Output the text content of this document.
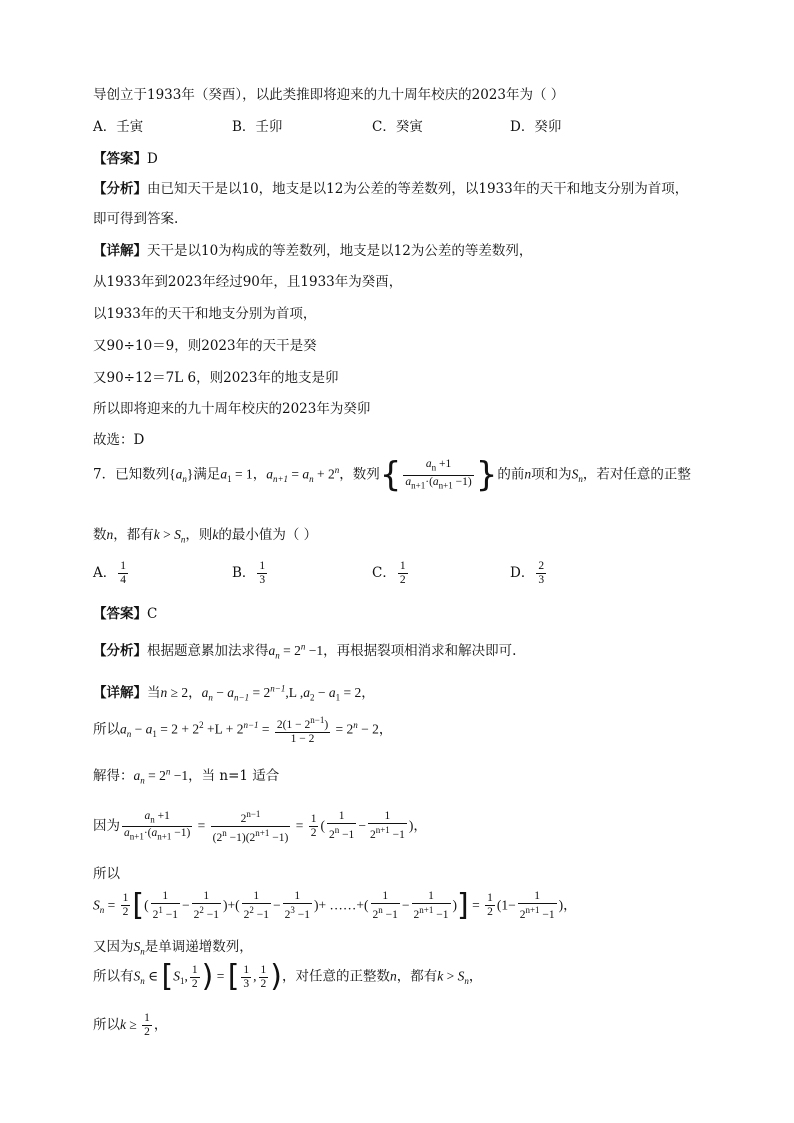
导创立于1933年（癸酉），以此类推即将迎来的九十周年校庆的2023年为（ ）
A．壬寅	B．壬卯	C．癸寅	D．癸卯
【答案】D
【分析】由已知天干是以10，地支是以12为公差的等差数列，以1933年的天干和地支分别为首项，
即可得到答案.
【详解】天干是以10为构成的等差数列，地支是以12为公差的等差数列，
从1933年到2023年经过90年，且1933年为癸酉，
以1933年的天干和地支分别为首项，
又90÷10＝9，则2023年的天干是癸
又90÷12＝7L 6，则2023年的地支是卯
所以即将迎来的九十周年校庆的2023年为癸卯
故选：D
7．已知数列$\{a_n\}$满足$a_1 = 1$，$a_{n+1} = a_n + 2^n$，数列{ $\frac{a_n +1}{a_{n+1}\cdot(a_{n+1} -1)}$ }的前n项和为$S_n$，若对任意的正整
数n，都有$k > S_n$，则k的最小值为（ ）
A． $\frac{1}{4}$	B． $\frac{1}{3}$	C． $\frac{1}{2}$	D． $\frac{2}{3}$
【答案】C
【分析】根据题意累加法求得$a_n = 2^n -1$，再根据裂项相消求和解决即可.
【详解】当n ≥ 2，$a_n - a_{n-1} = 2^{n-1},L$ $,a_2 - a_1 = 2$，
所以$a_n - a_1 = 2 + 2^2 +L + 2^{n-1} = \frac{2(1 - 2^{n-1})}{1 - 2} = 2^n - 2$，
解得：$a_n = 2^n -1$，当 n=1 适合
因为 $\frac{a_n +1}{a_{n+1}\cdot(a_{n+1} -1)} = \frac{2^{n-1}}{(2^n -1)(2^{n+1} -1)} = \frac{1}{2}$ ( $\frac{1}{2^n -1} - \frac{1}{2^{n+1} -1}$ )，
所以
$S_n = \frac{1}{2}$ [( $\frac{1}{2^1 -1} - \frac{1}{2^2 -1}$ )+( $\frac{1}{2^2 -1} - \frac{1}{2^3 -1}$ )+ ……+( $\frac{1}{2^n -1} - \frac{1}{2^{n+1} -1}$ )] = $\frac{1}{2} (1- \frac{1}{2^{n+1} -1}$ )，
又因为$S_n$是单调递增数列，
所以有$S_n$ ∈ [$S_1$, $\frac{1}{2}$ ) = [ $\frac{1}{3}$ , $\frac{1}{2}$ )，对任意的正整数n，都有$k > S_n$，
所以$k \ge \frac{1}{2}$ ，
